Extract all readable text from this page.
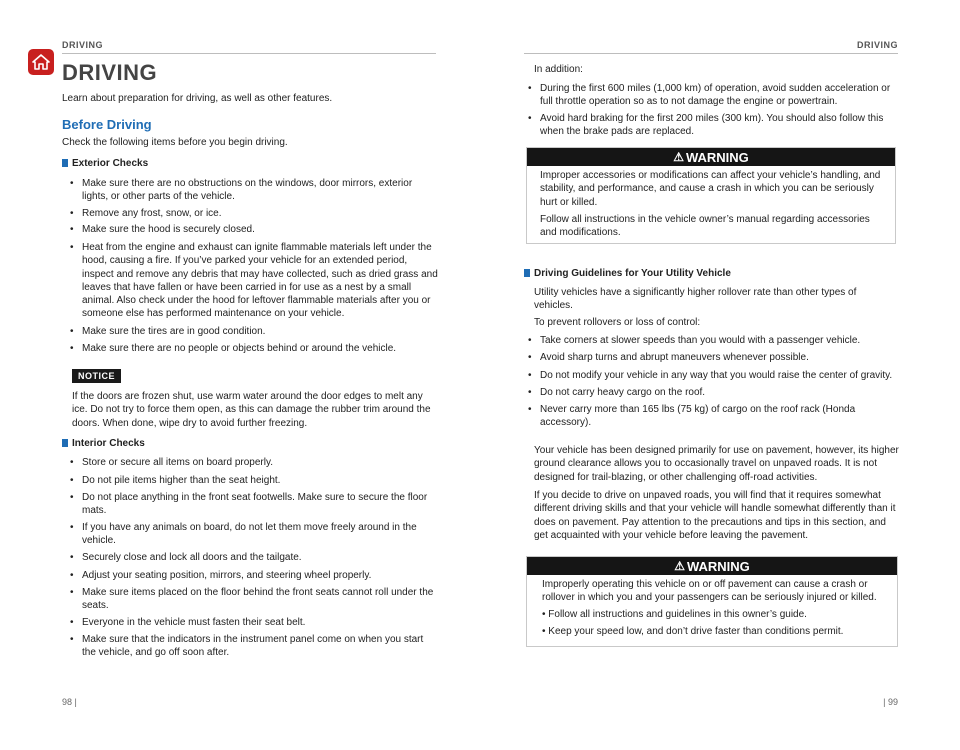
DRIVING
DRIVING
Learn about preparation for driving, as well as other features.
Before Driving
Check the following items before you begin driving.
Exterior Checks
• Make sure there are no obstructions on the windows, door mirrors, exterior lights, or other parts of the vehicle.
• Remove any frost, snow, or ice.
• Make sure the hood is securely closed.
• Heat from the engine and exhaust can ignite flammable materials left under the hood, causing a fire. If you’ve parked your vehicle for an extended period, inspect and remove any debris that may have collected, such as dried grass and leaves that have fallen or have been carried in for use as a nest by a small animal. Also check under the hood for leftover flammable materials after you or someone else has performed maintenance on your vehicle.
• Make sure the tires are in good condition.
• Make sure there are no people or objects behind or around the vehicle.
NOTICE
If the doors are frozen shut, use warm water around the door edges to melt any ice. Do not try to force them open, as this can damage the rubber trim around the doors. When done, wipe dry to avoid further freezing.
Interior Checks
• Store or secure all items on board properly.
• Do not pile items higher than the seat height.
• Do not place anything in the front seat footwells. Make sure to secure the floor mats.
• If you have any animals on board, do not let them move freely around in the vehicle.
• Securely close and lock all doors and the tailgate.
• Adjust your seating position, mirrors, and steering wheel properly.
• Make sure items placed on the floor behind the front seats cannot roll under the seats.
• Everyone in the vehicle must fasten their seat belt.
• Make sure that the indicators in the instrument panel come on when you start the vehicle, and go off soon after.
98 |
DRIVING
In addition:
• During the first 600 miles (1,000 km) of operation, avoid sudden acceleration or full throttle operation so as to not damage the engine or powertrain.
• Avoid hard braking for the first 200 miles (300 km). You should also follow this when the brake pads are replaced.
⚠ WARNING
Improper accessories or modifications can affect your vehicle’s handling, and stability, and performance, and cause a crash in which you can be seriously hurt or killed.
Follow all instructions in the vehicle owner’s manual regarding accessories and modifications.
Driving Guidelines for Your Utility Vehicle
Utility vehicles have a significantly higher rollover rate than other types of vehicles.
To prevent rollovers or loss of control:
• Take corners at slower speeds than you would with a passenger vehicle.
• Avoid sharp turns and abrupt maneuvers whenever possible.
• Do not modify your vehicle in any way that you would raise the center of gravity.
• Do not carry heavy cargo on the roof.
• Never carry more than 165 lbs (75 kg) of cargo on the roof rack (Honda accessory).
Your vehicle has been designed primarily for use on pavement, however, its higher ground clearance allows you to occasionally travel on unpaved roads. It is not designed for trail-blazing, or other challenging off-road activities.
If you decide to drive on unpaved roads, you will find that it requires somewhat different driving skills and that your vehicle will handle somewhat differently than it does on pavement. Pay attention to the precautions and tips in this section, and get acquainted with your vehicle before leaving the pavement.
⚠ WARNING
Improperly operating this vehicle on or off pavement can cause a crash or rollover in which you and your passengers can be seriously injured or killed.
• Follow all instructions and guidelines in this owner’s guide.
• Keep your speed low, and don’t drive faster than conditions permit.
| 99
